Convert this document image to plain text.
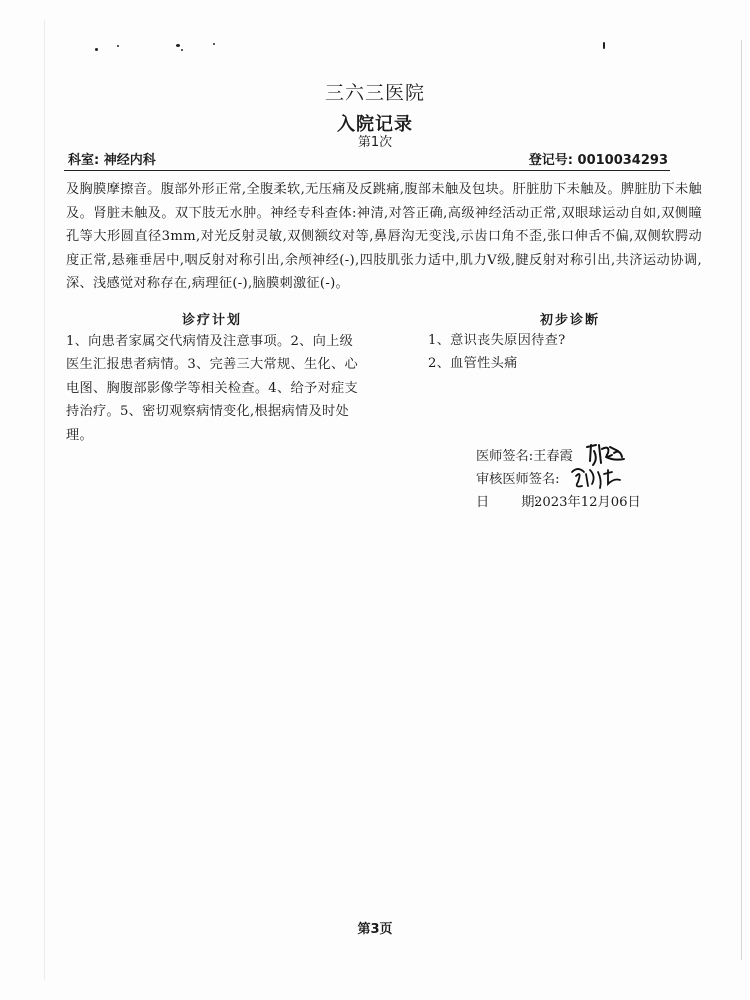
三六三医院
入院记录
第1次
科室: 神经内科	登记号: 0010034293
及胸膜摩擦音。腹部外形正常,全腹柔软,无压痛及反跳痛,腹部未触及包块。肝脏肋下未触及。脾脏肋下未触及。肾脏未触及。双下肢无水肿。神经专科查体:神清,对答正确,高级神经活动正常,双眼球运动自如,双侧瞳孔等大形圆直径3mm,对光反射灵敏,双侧额纹对等,鼻唇沟无变浅,示齿口角不歪,张口伸舌不偏,双侧软腭动度正常,悬雍垂居中,咽反射对称引出,余颅神经(-),四肢肌张力适中,肌力V级,腱反射对称引出,共济运动协调,深、浅感觉对称存在,病理征(-),脑膜刺激征(-)。
诊疗计划	初步诊断
1、向患者家属交代病情及注意事项。2、向上级医生汇报患者病情。3、完善三大常规、生化、心电图、胸腹部影像学等相关检查。4、给予对症支持治疗。5、密切观察病情变化,根据病情及时处理。
1、意识丧失原因待查?
2、血管性头痛
医师签名:王春霞
审核医师签名:
日 期:2023年12月06日
第3页
